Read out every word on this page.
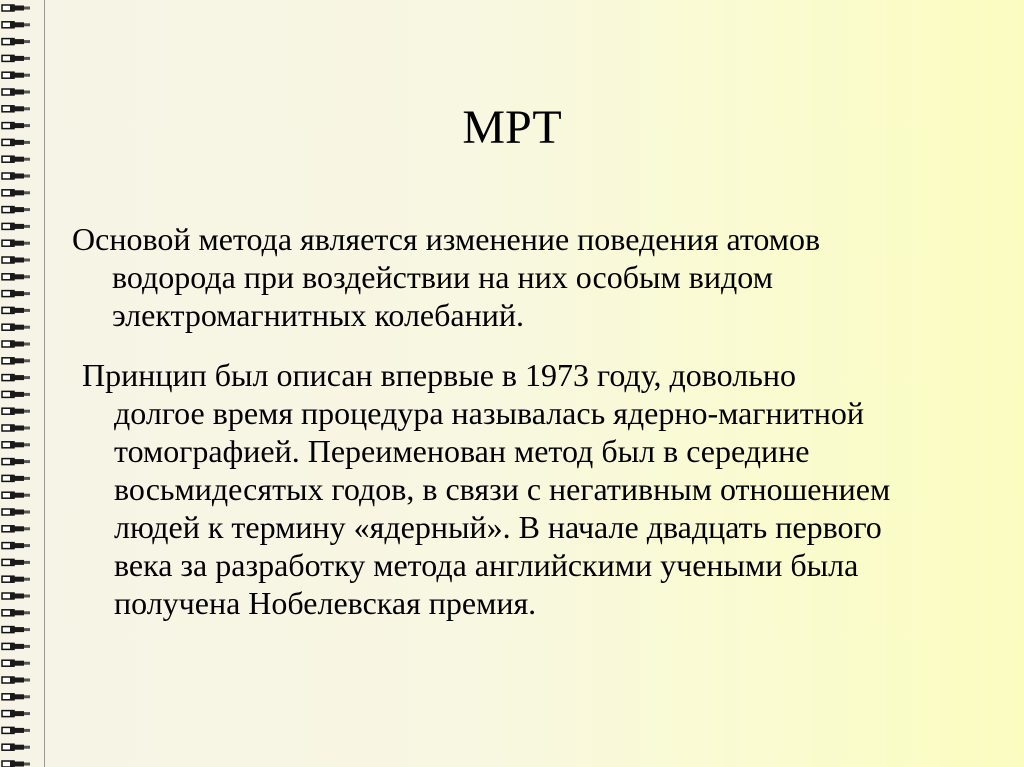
МРТ

Основой метода является изменение поведения атомов
водорода при воздействии на них особым видом
электромагнитных колебаний.

Принцип был описан впервые в 1973 году, довольно
долгое время процедура называлась ядерно-магнитной
томографией. Переименован метод был в середине
восьмидесятых годов, в связи с негативным отношением
людей к термину «ядерный». В начале двадцать первого
века за разработку метода английскими учеными была
получена Нобелевская премия.
